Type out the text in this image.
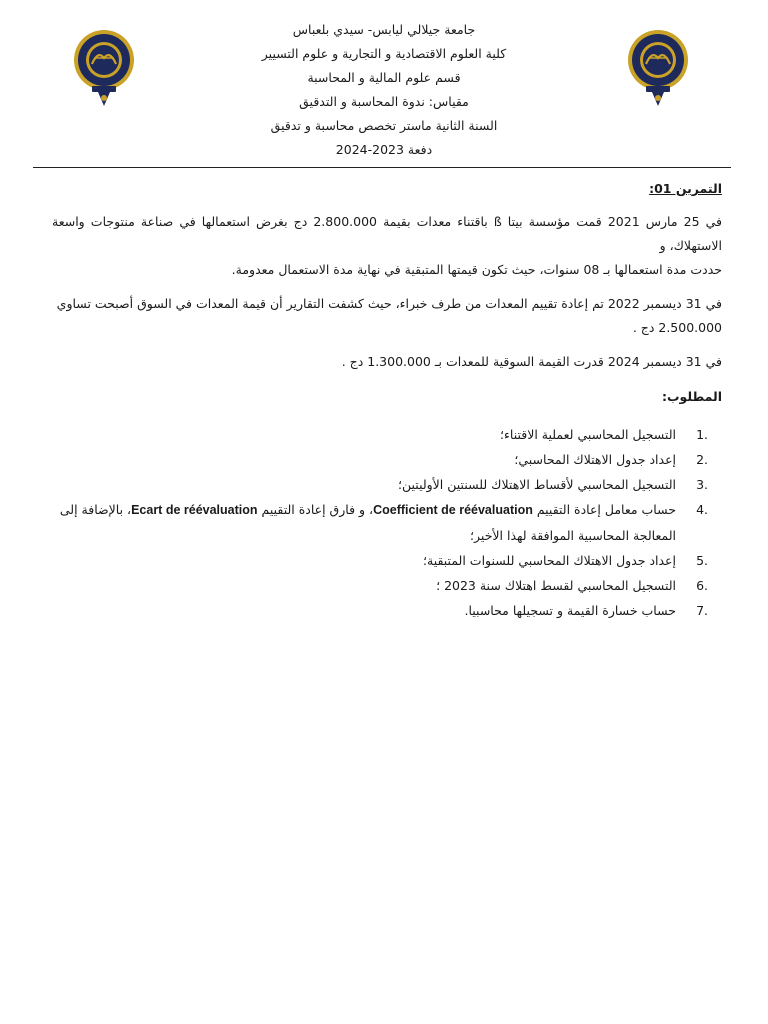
جامعة جيلالي ليابس- سيدي بلعباس
كلية العلوم الاقتصادية و التجارية و علوم التسيير
قسم علوم المالية و المحاسبة
مقياس: ندوة المحاسبة و التدقيق
السنة الثانية ماستر تخصص محاسبة و تدقيق
دفعة 2023-2024
التمرين 01:

في 25 مارس 2021 قمت مؤسسة بيتا ß باقتناء معدات بقيمة 2.800.000 دج بغرض استعمالها في صناعة منتوجات واسعة الاستهلاك، و

حددت مدة استعمالها بـ 08 سنوات، حيث تكون قيمتها المتبقية في نهاية مدة الاستعمال معدومة.

في 31 ديسمبر 2022 تم إعادة تقييم المعدات من طرف خبراء، حيث كشفت التقارير أن قيمة المعدات في السوق أصبحت تساوي

2.500.000 دج .

في 31 ديسمبر 2024 قدرت القيمة السوقية للمعدات بـ 1.300.000 دج .

المطلوب:
1.
التسجيل المحاسبي لعملية الاقتناء؛
2.
إعداد جدول الاهتلاك المحاسبي؛
3.
التسجيل المحاسبي لأقساط الاهتلاك للسنتين الأوليتين؛
4.
حساب معامل إعادة التقييم Coefficient de réévaluation، و فارق إعادة التقييم Ecart de réévaluation، بالإضافة إلى المعالجة المحاسبية الموافقة لهذا الأخير؛
5.
إعداد جدول الاهتلاك المحاسبي للسنوات المتبقية؛
6.
التسجيل المحاسبي لقسط اهتلاك سنة 2023 ؛
7.
حساب خسارة القيمة و تسجيلها محاسبيا.
